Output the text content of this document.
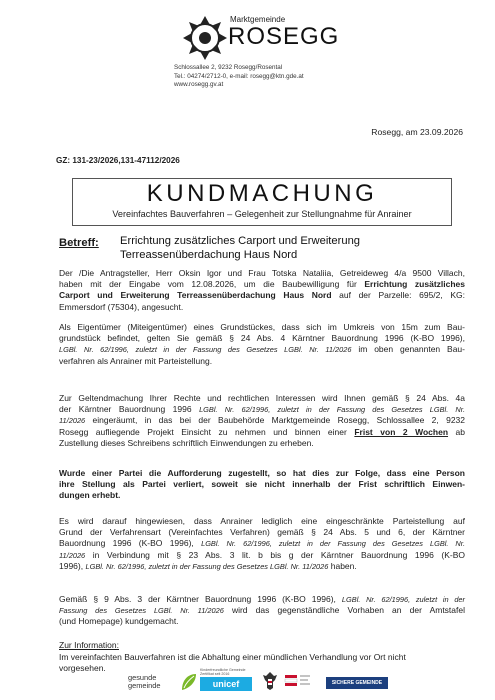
Marktgemeinde
ROSEGG
Schlossallee 2, 9232 Rosegg/Rosental
Tel.: 04274/2712-0, e-mail: rosegg@ktn.gde.at
www.rosegg.gv.at
Rosegg, am 23.09.2026
GZ: 131-23/2026,131-47112/2026
KUNDMACHUNG
Vereinfachtes Bauverfahren – Gelegenheit zur Stellungnahme für Anrainer
Betreff: Errichtung zusätzliches Carport und Erweiterung
Terreassenüberdachung Haus Nord
Der /Die Antragsteller, Herr Oksin Igor und Frau Totska Nataliia, Getreideweg 4/a 9500 Villach,
haben mit der Eingabe vom 12.08.2026, um die Baubewilligung für Errichtung zusätzliches
Carport und Erweiterung Terreassenüberdachung Haus Nord auf der Parzelle: 695/2, KG:
Emmersdorf (75304), angesucht.
Als Eigentümer (Miteigentümer) eines Grundstückes, dass sich im Umkreis von 15m zum Bau-
grundstück befindet, gelten Sie gemäß § 24 Abs. 4 Kärntner Bauordnung 1996 (K-BO 1996),
LGBl. Nr. 62/1996, zuletzt in der Fassung des Gesetzes LGBl. Nr. 11/2026 im oben genannten Bau-
verfahren als Anrainer mit Parteistellung.
Zur Geltendmachung Ihrer Rechte und rechtlichen Interessen wird Ihnen gemäß § 24 Abs. 4a
der Kärntner Bauordnung 1996 LGBl. Nr. 62/1996, zuletzt in der Fassung des Gesetzes LGBl. Nr.
11/2026 eingeräumt, in das bei der Baubehörde Marktgemeinde Rosegg, Schlossallee 2, 9232
Rosegg aufliegende Projekt Einsicht zu nehmen und binnen einer Frist von 2 Wochen ab
Zustellung dieses Schreibens schriftlich Einwendungen zu erheben.
Wurde einer Partei die Aufforderung zugestellt, so hat dies zur Folge, dass eine Person
ihre Stellung als Partei verliert, soweit sie nicht innerhalb der Frist schriftlich Einwen-
dungen erhebt.
Es wird darauf hingewiesen, dass Anrainer lediglich eine eingeschränkte Parteistellung auf
Grund der Verfahrensart (Vereinfachtes Verfahren) gemäß § 24 Abs. 5 und 6, der Kärntner
Bauordnung 1996 (K-BO 1996), LGBl. Nr. 62/1996, zuletzt in der Fassung des Gesetzes LGBl. Nr.
11/2026 in Verbindung mit § 23 Abs. 3 lit. b bis g der Kärntner Bauordnung 1996 (K-BO
1996), LGBl. Nr. 62/1996, zuletzt in der Fassung des Gesetzes LGBl. Nr. 11/2026 haben.
Gemäß § 9 Abs. 3 der Kärntner Bauordnung 1996 (K-BO 1996), LGBl. Nr. 62/1996, zuletzt in der
Fassung des Gesetzes LGBl. Nr. 11/2026 wird das gegenständliche Vorhaben an der Amtstafel
(und Homepage) kundgemacht.
Zur Information:
Im vereinfachten Bauverfahren ist die Abhaltung einer mündlichen Verhandlung vor Ort nicht
vorgesehen.
gesunde
gemeinde
Kinderfreundliche Gemeinde
Zertifikat seit 2016
unicef	SICHERE GEMEINDE
